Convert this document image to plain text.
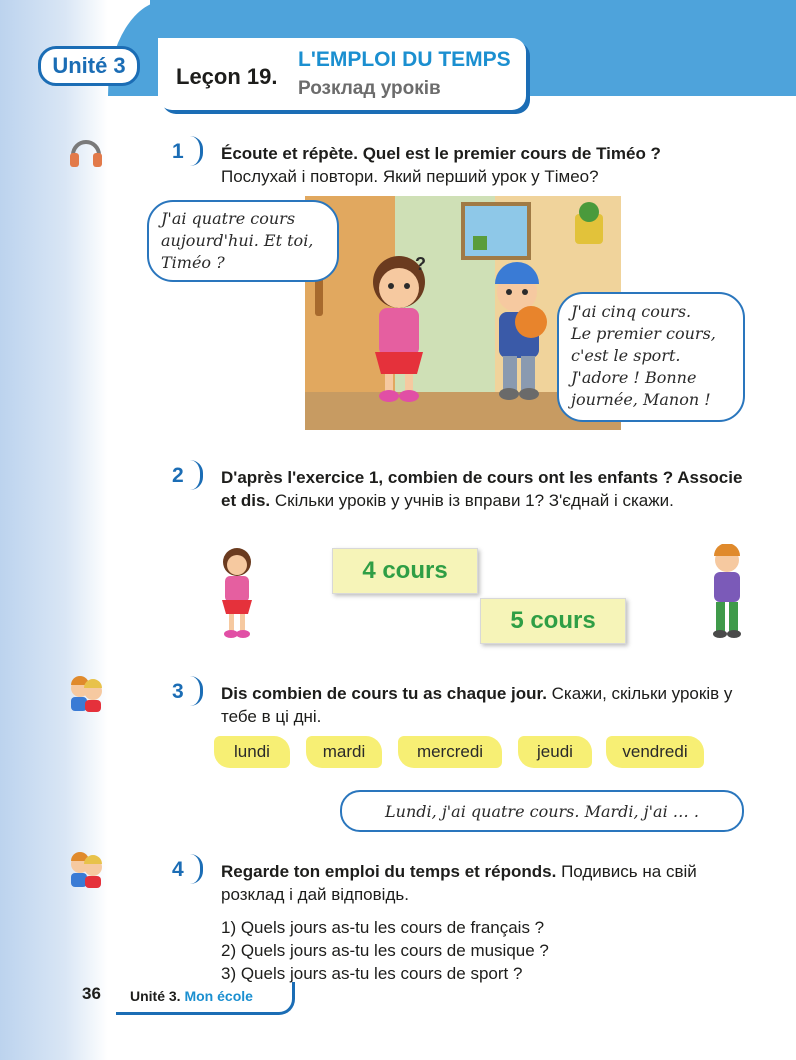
Unité 3	Leçon 19.
L'EMPLOI DU TEMPS
Розклад уроків
1 Écoute et répète. Quel est le premier cours de Timéo ?
Послухай і повтори. Який перший урок у Тімео?
?
J'ai quatre cours
aujourd'hui. Et toi,
Timéo ?
J'ai cinq cours.
Le premier cours,
c'est le sport.
J'adore ! Bonne
journée, Manon !
2 D'après l'exercice 1, combien de cours ont les enfants ? Associe et dis. Скільки уроків у учнів із вправи 1? З'єднай і скажи.
4 cours
5 cours
3 Dis combien de cours tu as chaque jour. Скажи, скільки уроків у тебе в ці дні.
lundi	mardi	mercredi	jeudi	vendredi
Lundi, j'ai quatre cours. Mardi, j'ai … .
4 Regarde ton emploi du temps et réponds. Подивись на свій розклад і дай відповідь.
1) Quels jours as-tu les cours de français ?
2) Quels jours as-tu les cours de musique ?
3) Quels jours as-tu les cours de sport ?
36 Unité 3. Mon école
